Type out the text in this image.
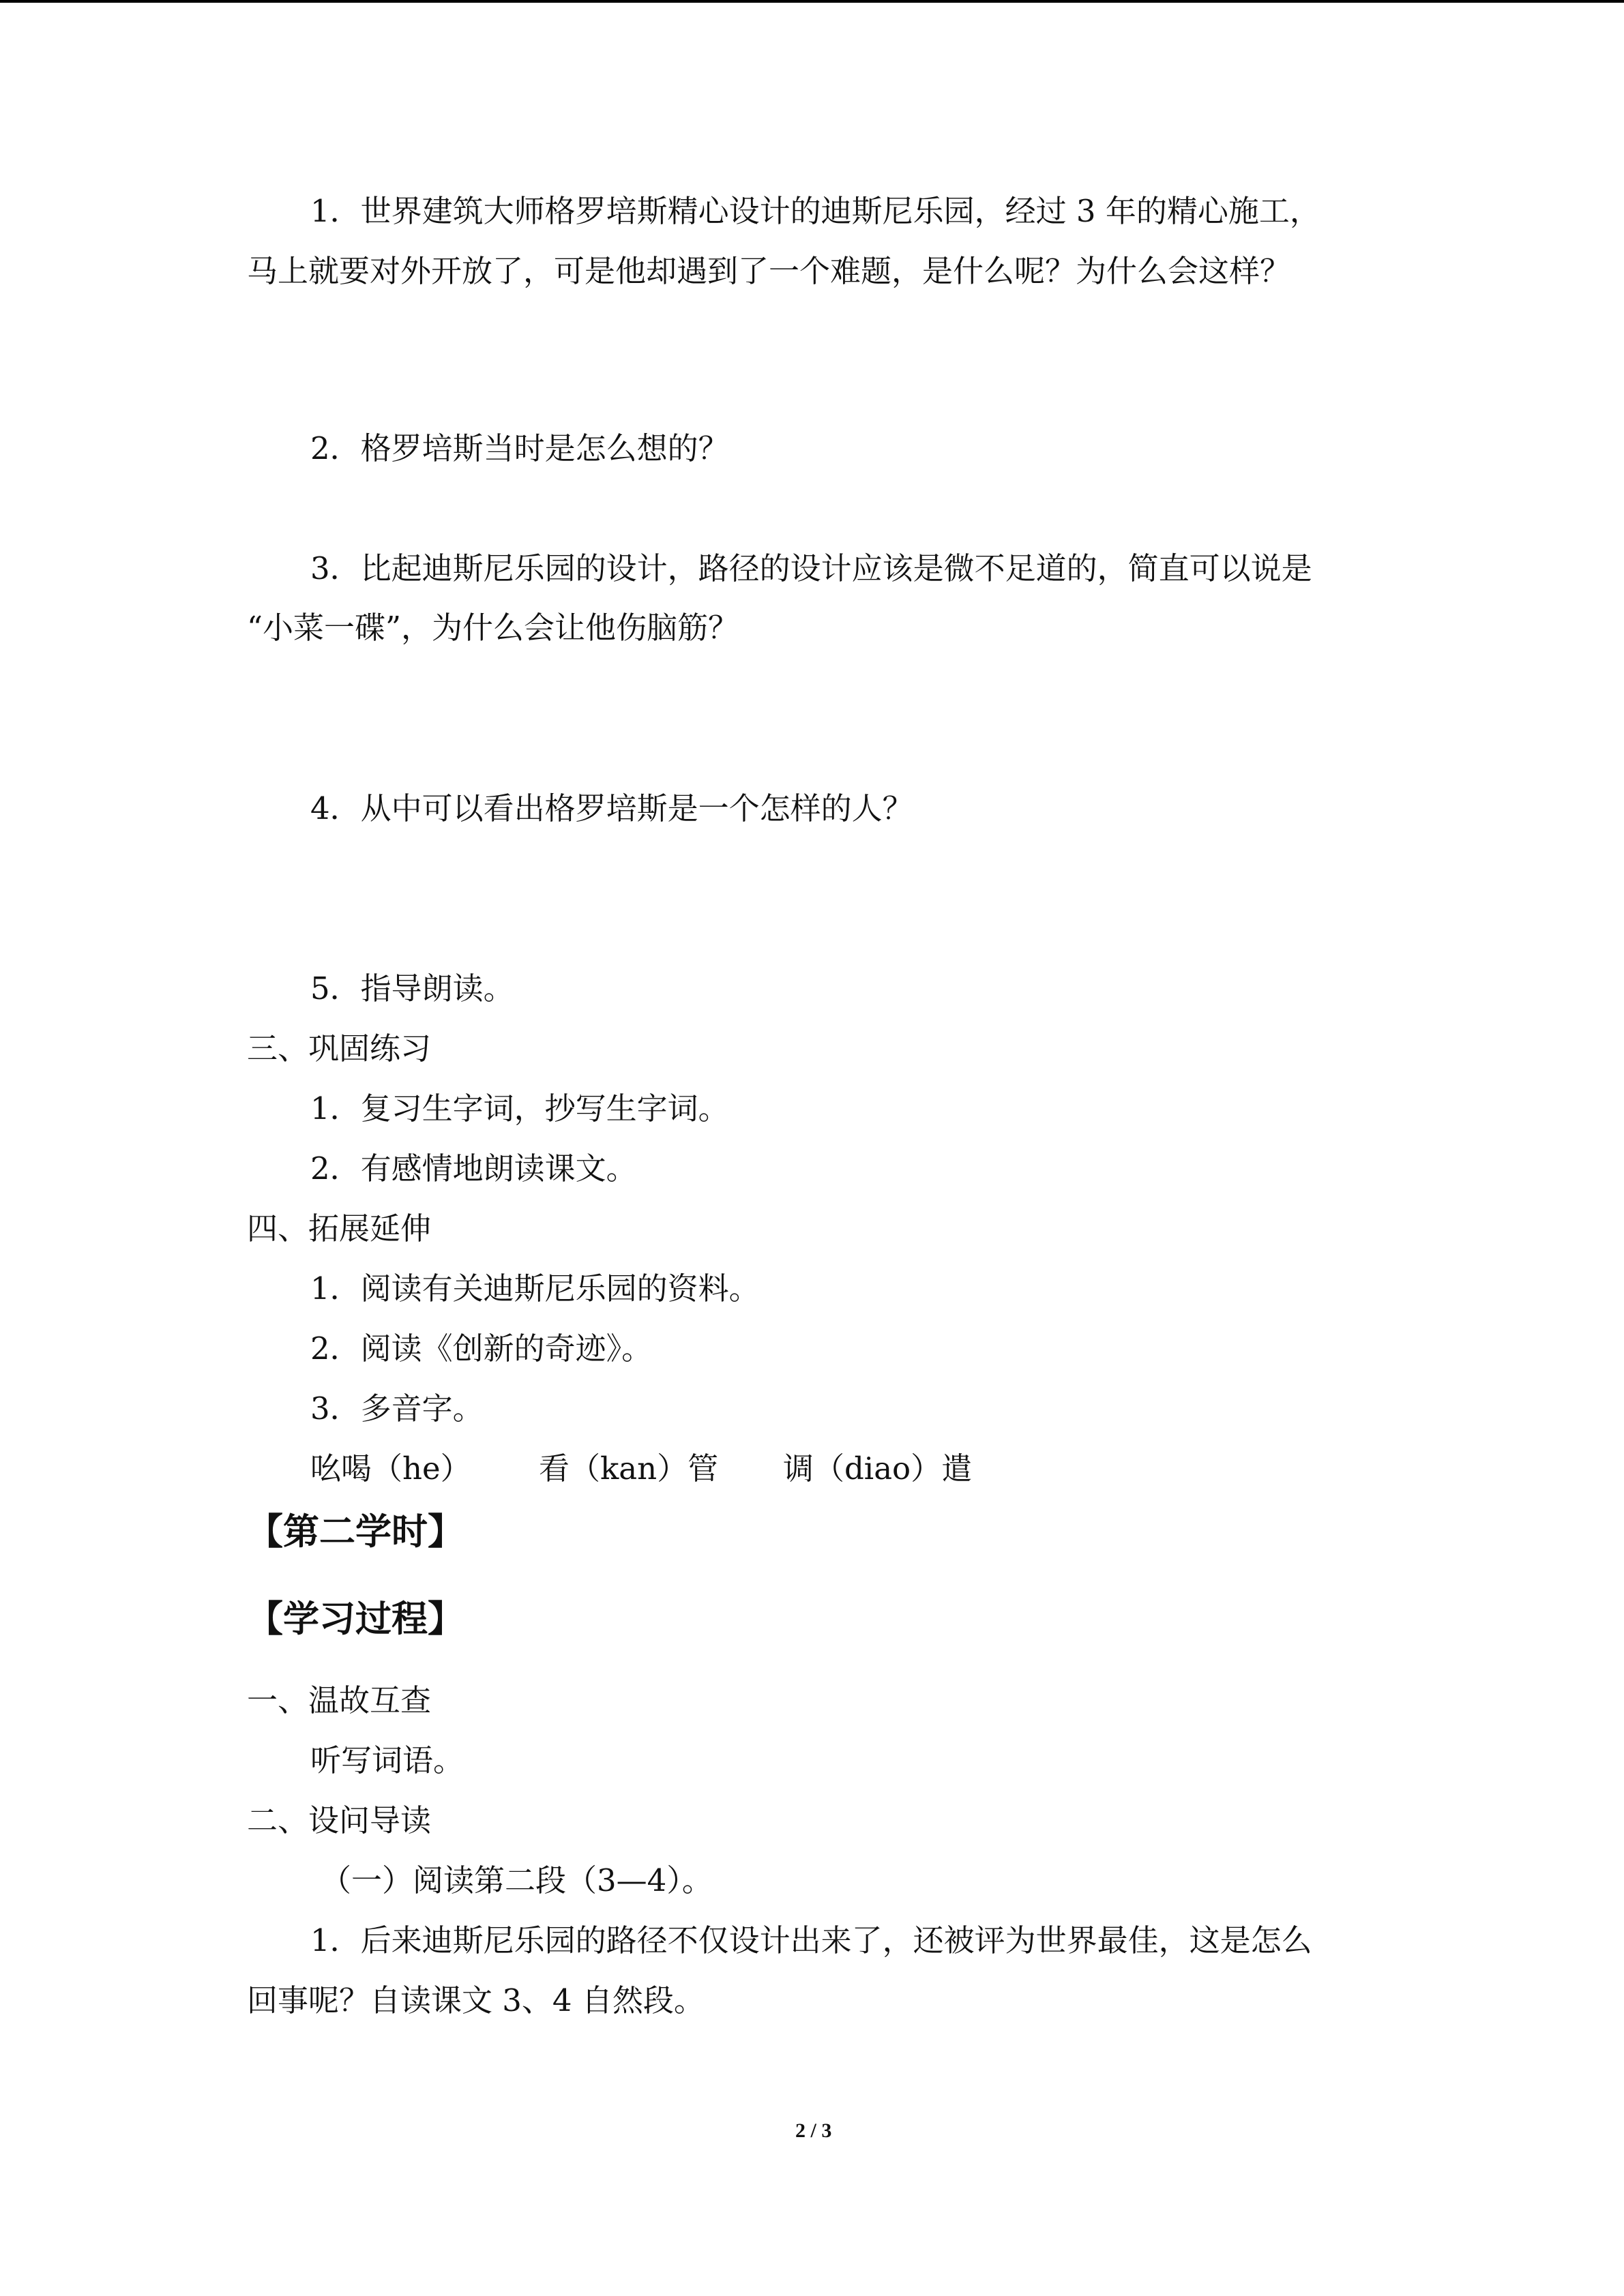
1．世界建筑大师格罗培斯精心设计的迪斯尼乐园，经过 3 年的精心施工，
马上就要对外开放了，可是他却遇到了一个难题，是什么呢？为什么会这样？
2．格罗培斯当时是怎么想的？
3．比起迪斯尼乐园的设计，路径的设计应该是微不足道的，简直可以说是
“小菜一碟”，为什么会让他伤脑筋？
4．从中可以看出格罗培斯是一个怎样的人？
5．指导朗读。
三、巩固练习
1．复习生字词，抄写生字词。
2．有感情地朗读课文。
四、拓展延伸
1．阅读有关迪斯尼乐园的资料。
2．阅读《创新的奇迹》。
3．多音字。
吆喝（he） 看（kan）管 调（diao）遣
【第二学时】
【学习过程】
一、温故互查
听写词语。
二、设问导读
（一）阅读第二段（3—4）。
1．后来迪斯尼乐园的路径不仅设计出来了，还被评为世界最佳，这是怎么
回事呢？自读课文 3、4 自然段。
2 / 3
